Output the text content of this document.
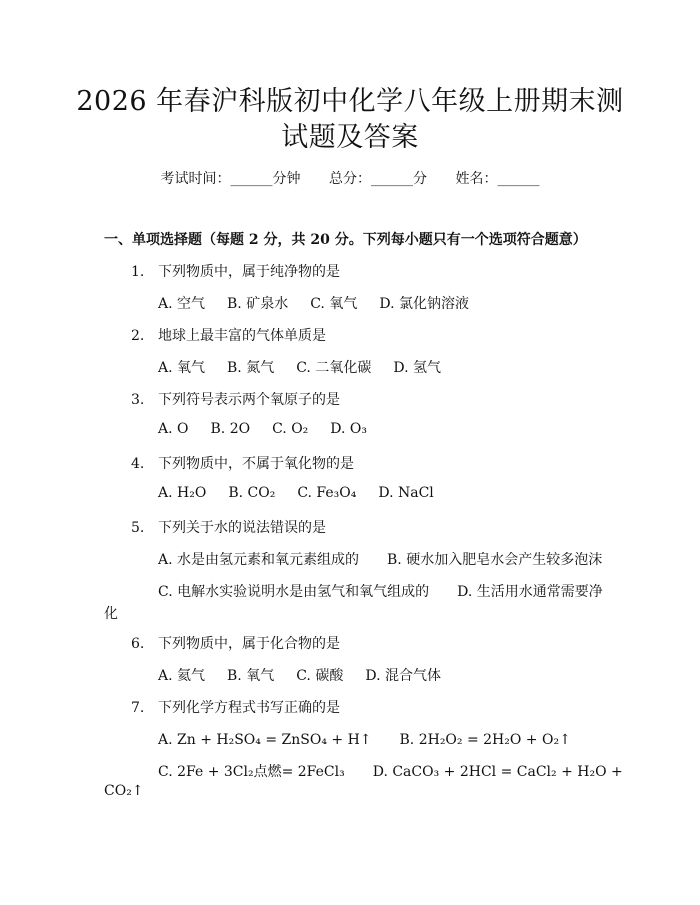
2026 年春沪科版初中化学八年级上册期末测
试题及答案
考试时间：______分钟 总分：______分 姓名：______
一、单项选择题（每题 2 分，共 20 分。下列每小题只有一个选项符合题意）
1. 下列物质中，属于纯净物的是
A. 空气 B. 矿泉水 C. 氧气 D. 氯化钠溶液
2. 地球上最丰富的气体单质是
A. 氧气 B. 氮气 C. 二氧化碳 D. 氢气
3. 下列符号表示两个氧原子的是
A. O B. 2O C. O₂ D. O₃
4. 下列物质中，不属于氧化物的是
A. H₂O B. CO₂ C. Fe₃O₄ D. NaCl
5. 下列关于水的说法错误的是
A. 水是由氢元素和氧元素组成的　　B. 硬水加入肥皂水会产生较多泡沫
C. 电解水实验说明水是由氢气和氧气组成的　　D. 生活用水通常需要净
化
6. 下列物质中，属于化合物的是
A. 氦气 B. 氧气 C. 碳酸 D. 混合气体
7. 下列化学方程式书写正确的是
A. Zn + H₂SO₄ = ZnSO₄ + H↑　　B. 2H₂O₂ = 2H₂O + O₂↑
C. 2Fe + 3Cl₂点燃= 2FeCl₃　　D. CaCO₃ + 2HCl = CaCl₂ + H₂O +
CO₂↑
